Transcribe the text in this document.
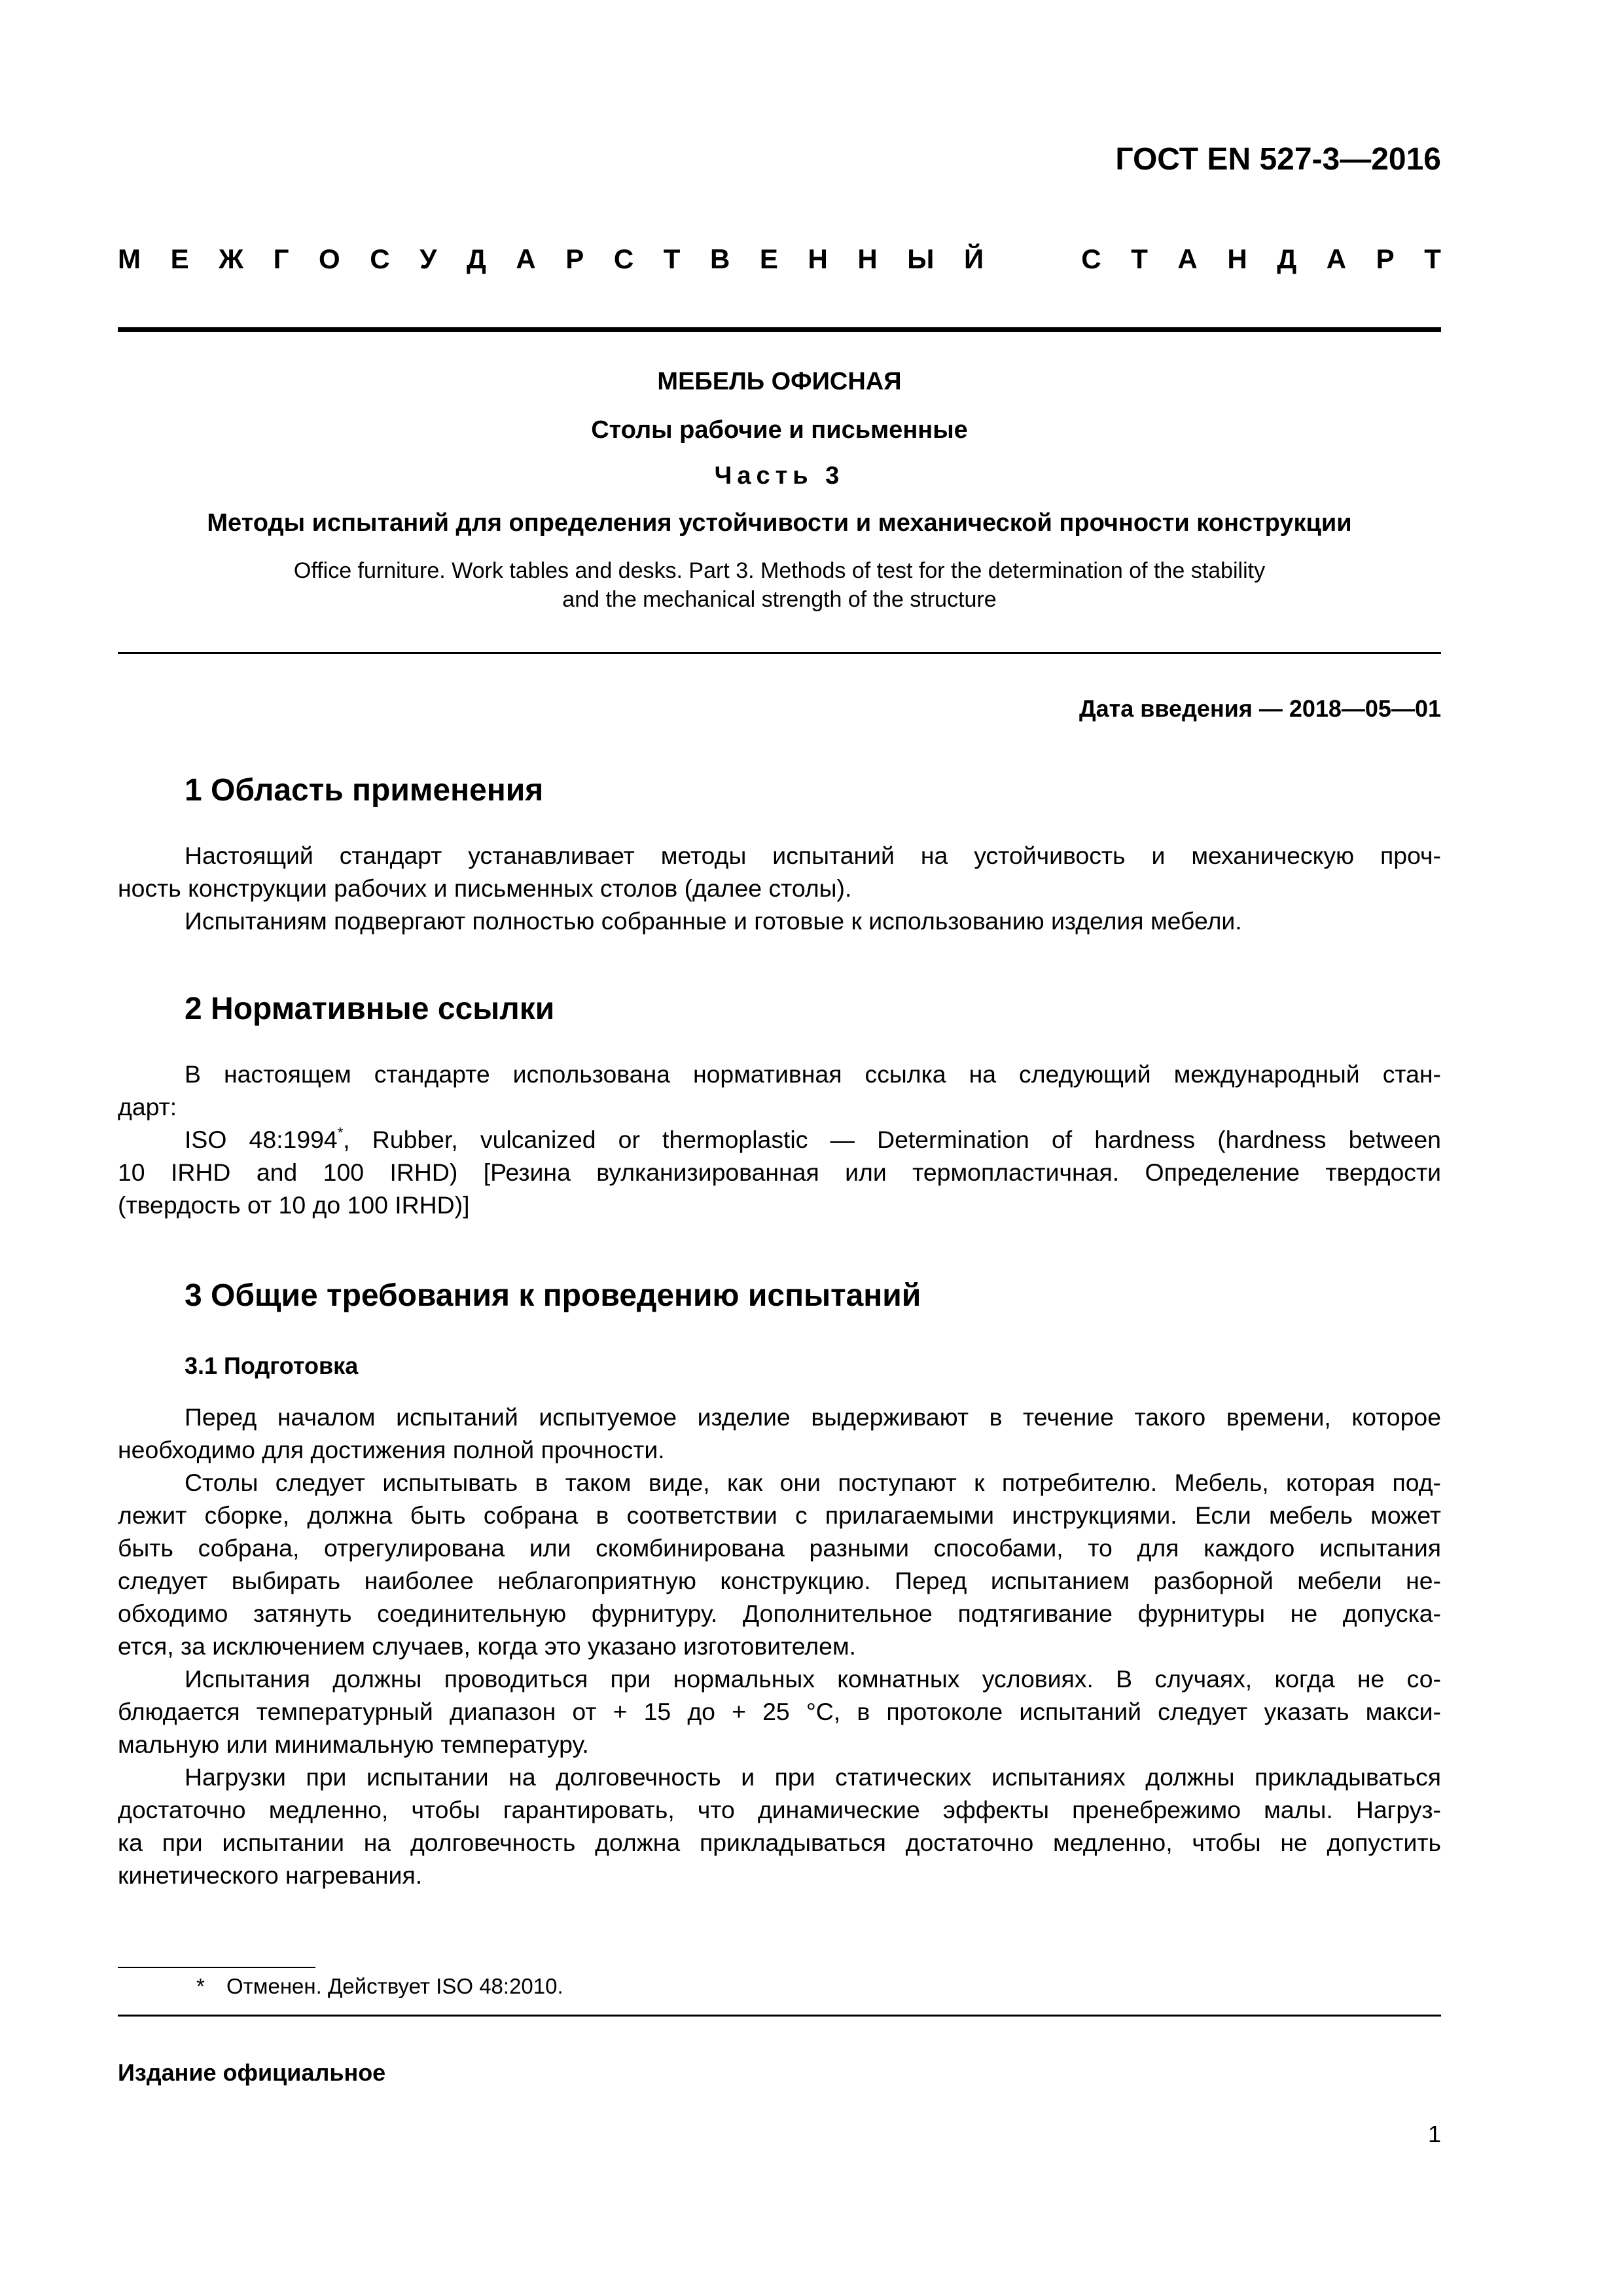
ГОСТ EN 527-3—2016
М Е Ж Г О С У Д А Р С Т В Е Н Н Ы Й	С Т А Н Д А Р Т
МЕБЕЛЬ ОФИСНАЯ
Столы рабочие и письменные
Часть 3
Методы испытаний для определения устойчивости и механической прочности конструкции
Office furniture. Work tables and desks. Part 3. Methods of test for the determination of the stability
and the mechanical strength of the structure
Дата введения — 2018—05—01
1 Область применения
Настоящий стандарт устанавливает методы испытаний на устойчивость и механическую проч-
ность конструкции рабочих и письменных столов (далее столы).
Испытаниям подвергают полностью собранные и готовые к использованию изделия мебели.
2 Нормативные ссылки
В настоящем стандарте использована нормативная ссылка на следующий международный стан-
дарт:
ISO 48:1994*, Rubber, vulcanized or thermoplastic — Determination of hardness (hardness between
10 IRHD and 100 IRHD) [Резина вулканизированная или термопластичная. Определение твердости
(твердость от 10 до 100 IRHD)]
3 Общие требования к проведению испытаний
3.1 Подготовка
Перед началом испытаний испытуемое изделие выдерживают в течение такого времени, которое
необходимо для достижения полной прочности.
Столы следует испытывать в таком виде, как они поступают к потребителю. Мебель, которая под-
лежит сборке, должна быть собрана в соответствии с прилагаемыми инструкциями. Если мебель может
быть собрана, отрегулирована или скомбинирована разными способами, то для каждого испытания
следует выбирать наиболее неблагоприятную конструкцию. Перед испытанием разборной мебели не-
обходимо затянуть соединительную фурнитуру. Дополнительное подтягивание фурнитуры не допуска-
ется, за исключением случаев, когда это указано изготовителем.
Испытания должны проводиться при нормальных комнатных условиях. В случаях, когда не со-
блюдается температурный диапазон от + 15 до + 25 °C, в протоколе испытаний следует указать макси-
мальную или минимальную температуру.
Нагрузки при испытании на долговечность и при статических испытаниях должны прикладываться
достаточно медленно, чтобы гарантировать, что динамические эффекты пренебрежимо малы. Нагруз-
ка при испытании на долговечность должна прикладываться достаточно медленно, чтобы не допустить
кинетического нагревания.
* Отменен. Действует ISO 48:2010.
Издание официальное
1
